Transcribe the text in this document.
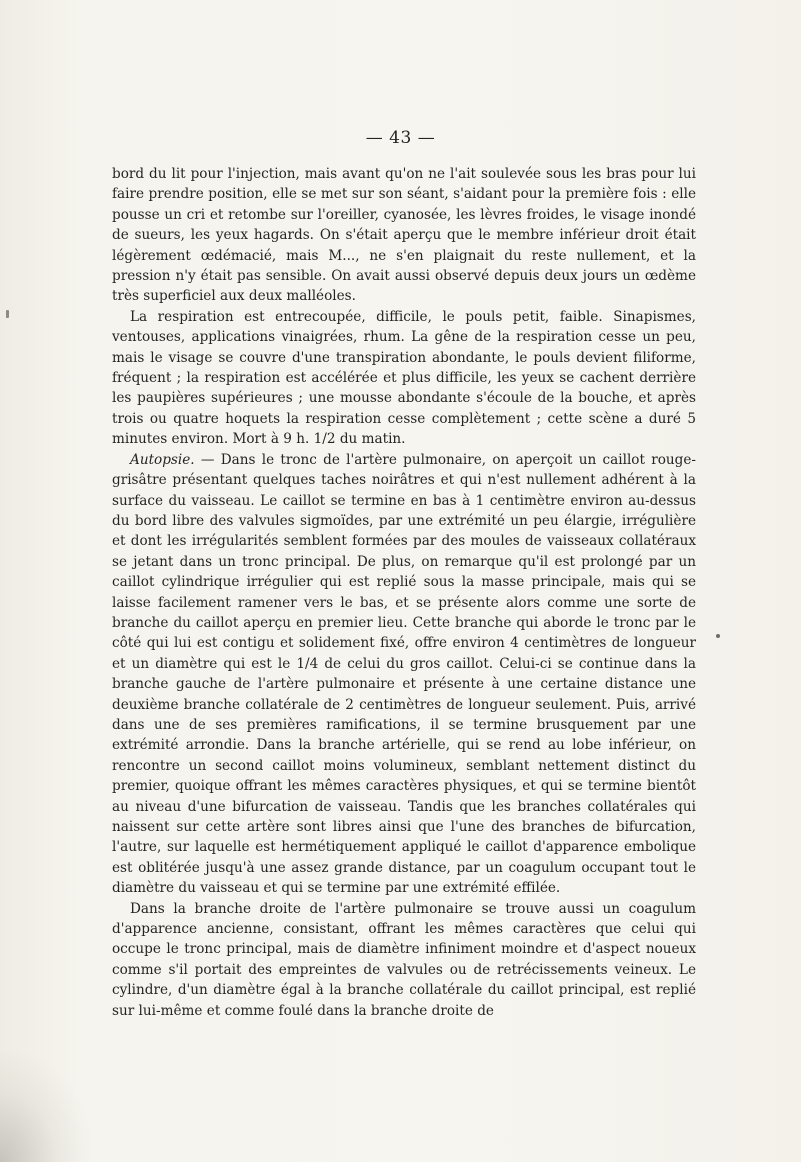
— 43 —

bord du lit pour l'injection, mais avant qu'on ne l'ait soulevée sous les bras pour lui faire prendre position, elle se met sur son séant, s'aidant pour la première fois : elle pousse un cri et retombe sur l'oreiller, cyanosée, les lèvres froides, le visage inondé de sueurs, les yeux hagards. On s'était aperçu que le membre inférieur droit était légèrement œdémacié, mais M..., ne s'en plaignait du reste nullement, et la pression n'y était pas sensible. On avait aussi observé depuis deux jours un œdème très superficiel aux deux malléoles.

La respiration est entrecoupée, difficile, le pouls petit, faible. Sinapismes, ventouses, applications vinaigrées, rhum. La gêne de la respiration cesse un peu, mais le visage se couvre d'une transpiration abondante, le pouls devient filiforme, fréquent ; la respiration est accélérée et plus difficile, les yeux se cachent derrière les paupières supérieures ; une mousse abondante s'écoule de la bouche, et après trois ou quatre hoquets la respiration cesse complètement ; cette scène a duré 5 minutes environ. Mort à 9 h. 1/2 du matin.

Autopsie. — Dans le tronc de l'artère pulmonaire, on aperçoit un caillot rouge-grisâtre présentant quelques taches noirâtres et qui n'est nullement adhérent à la surface du vaisseau. Le caillot se termine en bas à 1 centimètre environ au-dessus du bord libre des valvules sigmoïdes, par une extrémité un peu élargie, irrégulière et dont les irrégularités semblent formées par des moules de vaisseaux collatéraux se jetant dans un tronc principal. De plus, on remarque qu'il est prolongé par un caillot cylindrique irrégulier qui est replié sous la masse principale, mais qui se laisse facilement ramener vers le bas, et se présente alors comme une sorte de branche du caillot aperçu en premier lieu. Cette branche qui aborde le tronc par le côté qui lui est contigu et solidement fixé, offre environ 4 centimètres de longueur et un diamètre qui est le 1/4 de celui du gros caillot. Celui-ci se continue dans la branche gauche de l'artère pulmonaire et présente à une certaine distance une deuxième branche collatérale de 2 centimètres de longueur seulement. Puis, arrivé dans une de ses premières ramifications, il se termine brusquement par une extrémité arrondie. Dans la branche artérielle, qui se rend au lobe inférieur, on rencontre un second caillot moins volumineux, semblant nettement distinct du premier, quoique offrant les mêmes caractères physiques, et qui se termine bientôt au niveau d'une bifurcation de vaisseau. Tandis que les branches collatérales qui naissent sur cette artère sont libres ainsi que l'une des branches de bifurcation, l'autre, sur laquelle est hermétiquement appliqué le caillot d'apparence embolique est oblitérée jusqu'à une assez grande distance, par un coagulum occupant tout le diamètre du vaisseau et qui se termine par une extrémité effilée.

Dans la branche droite de l'artère pulmonaire se trouve aussi un coagulum d'apparence ancienne, consistant, offrant les mêmes caractères que celui qui occupe le tronc principal, mais de diamètre infiniment moindre et d'aspect noueux comme s'il portait des empreintes de valvules ou de retrécissements veineux. Le cylindre, d'un diamètre égal à la branche collatérale du caillot principal, est replié sur lui-même et comme foulé dans la branche droite de
